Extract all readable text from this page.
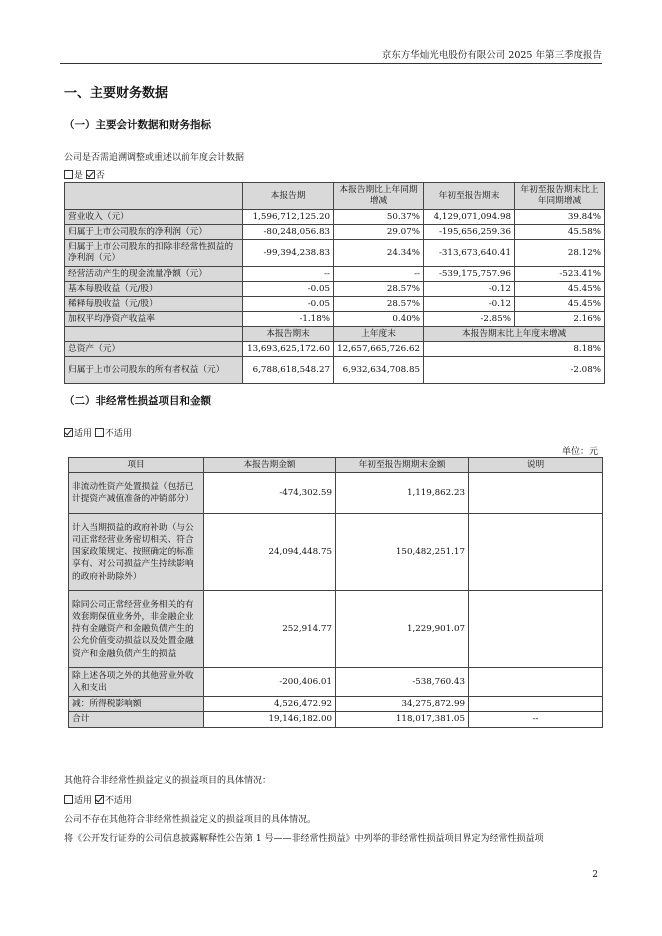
京东方华灿光电股份有限公司 2025 年第三季度报告
一、主要财务数据
（一）主要会计数据和财务指标
公司是否需追溯调整或重述以前年度会计数据
是 否
	本报告期	本报告期比上年同期增减	年初至报告期末	年初至报告期末比上年同期增减
营业收入（元）	1,596,712,125.20	50.37%	4,129,071,094.98	39.84%
归属于上市公司股东的净利润（元）	-80,248,056.83	29.07%	-195,656,259.36	45.58%
归属于上市公司股东的扣除非经常性损益的净利润（元）	-99,394,238.83	24.34%	-313,673,640.41	28.12%
经营活动产生的现金流量净额（元）	--	--	-539,175,757.96	-523.41%
基本每股收益（元/股）	-0.05	28.57%	-0.12	45.45%
稀释每股收益（元/股）	-0.05	28.57%	-0.12	45.45%
加权平均净资产收益率	-1.18%	0.40%	-2.85%	2.16%
	本报告期末	上年度末	本报告期末比上年度末增减	
总资产（元）	13,693,625,172.60	12,657,665,726.62	8.18%	
归属于上市公司股东的所有者权益（元）	6,788,618,548.27	6,932,634,708.85	-2.08%	
（二）非经常性损益项目和金额
适用 不适用
单位：元
项目	本报告期金额	年初至报告期期末金额	说明
非流动性资产处置损益（包括已计提资产减值准备的冲销部分）	-474,302.59	1,119,862.23	
计入当期损益的政府补助（与公司正常经营业务密切相关、符合国家政策规定、按照确定的标准享有、对公司损益产生持续影响的政府补助除外）	24,094,448.75	150,482,251.17	
除同公司正常经营业务相关的有效套期保值业务外，非金融企业持有金融资产和金融负债产生的公允价值变动损益以及处置金融资产和金融负债产生的损益	252,914.77	1,229,901.07	
除上述各项之外的其他营业外收入和支出	-200,406.01	-538,760.43	
减：所得税影响额	4,526,472.92	34,275,872.99	
合计	19,146,182.00	118,017,381.05	--
其他符合非经常性损益定义的损益项目的具体情况：
适用 不适用
公司不存在其他符合非经常性损益定义的损益项目的具体情况。
将《公开发行证券的公司信息披露解释性公告第 1 号——非经常性损益》中列举的非经常性损益项目界定为经常性损益项
2
